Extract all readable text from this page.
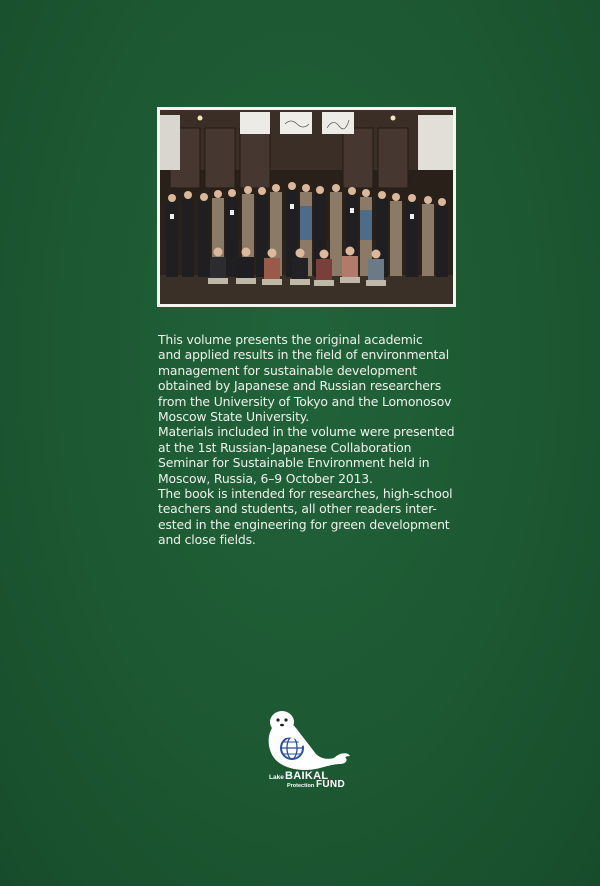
This volume presents the original academic
and applied results in the field of environmental
management for sustainable development
obtained by Japanese and Russian researchers
from the University of Tokyo and the Lomonosov
Moscow State University.

Materials included in the volume were presented
at the 1st Russian-Japanese Collaboration
Seminar for Sustainable Environment held in
Moscow, Russia, 6–9 October 2013.

The book is intended for researches, high-school
teachers and students, all other readers inter-
ested in the engineering for green development
and close fields.

Lake BAIKAL
Protection FUND
